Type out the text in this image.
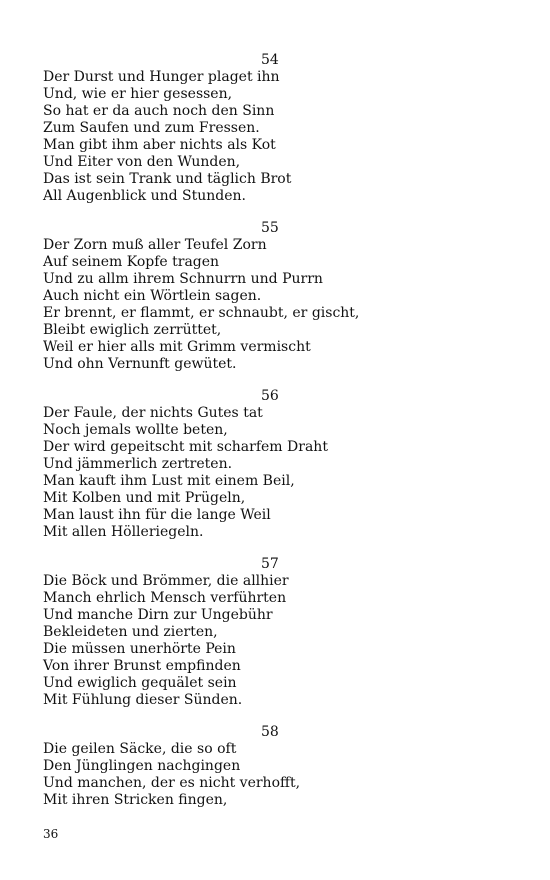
54
Der Durst und Hunger plaget ihn
Und, wie er hier gesessen,
So hat er da auch noch den Sinn
Zum Saufen und zum Fressen.
Man gibt ihm aber nichts als Kot
Und Eiter von den Wunden,
Das ist sein Trank und täglich Brot
All Augenblick und Stunden.
55
Der Zorn muß aller Teufel Zorn
Auf seinem Kopfe tragen
Und zu allm ihrem Schnurrn und Purrn
Auch nicht ein Wörtlein sagen.
Er brennt, er flammt, er schnaubt, er gischt,
Bleibt ewiglich zerrüttet,
Weil er hier alls mit Grimm vermischt
Und ohn Vernunft gewütet.
56
Der Faule, der nichts Gutes tat
Noch jemals wollte beten,
Der wird gepeitscht mit scharfem Draht
Und jämmerlich zertreten.
Man kauft ihm Lust mit einem Beil,
Mit Kolben und mit Prügeln,
Man laust ihn für die lange Weil
Mit allen Hölleriegeln.
57
Die Böck und Brömmer, die allhier
Manch ehrlich Mensch verführten
Und manche Dirn zur Ungebühr
Bekleideten und zierten,
Die müssen unerhörte Pein
Von ihrer Brunst empfinden
Und ewiglich gequälet sein
Mit Fühlung dieser Sünden.
58
Die geilen Säcke, die so oft
Den Jünglingen nachgingen
Und manchen, der es nicht verhofft,
Mit ihren Stricken fingen,
36
